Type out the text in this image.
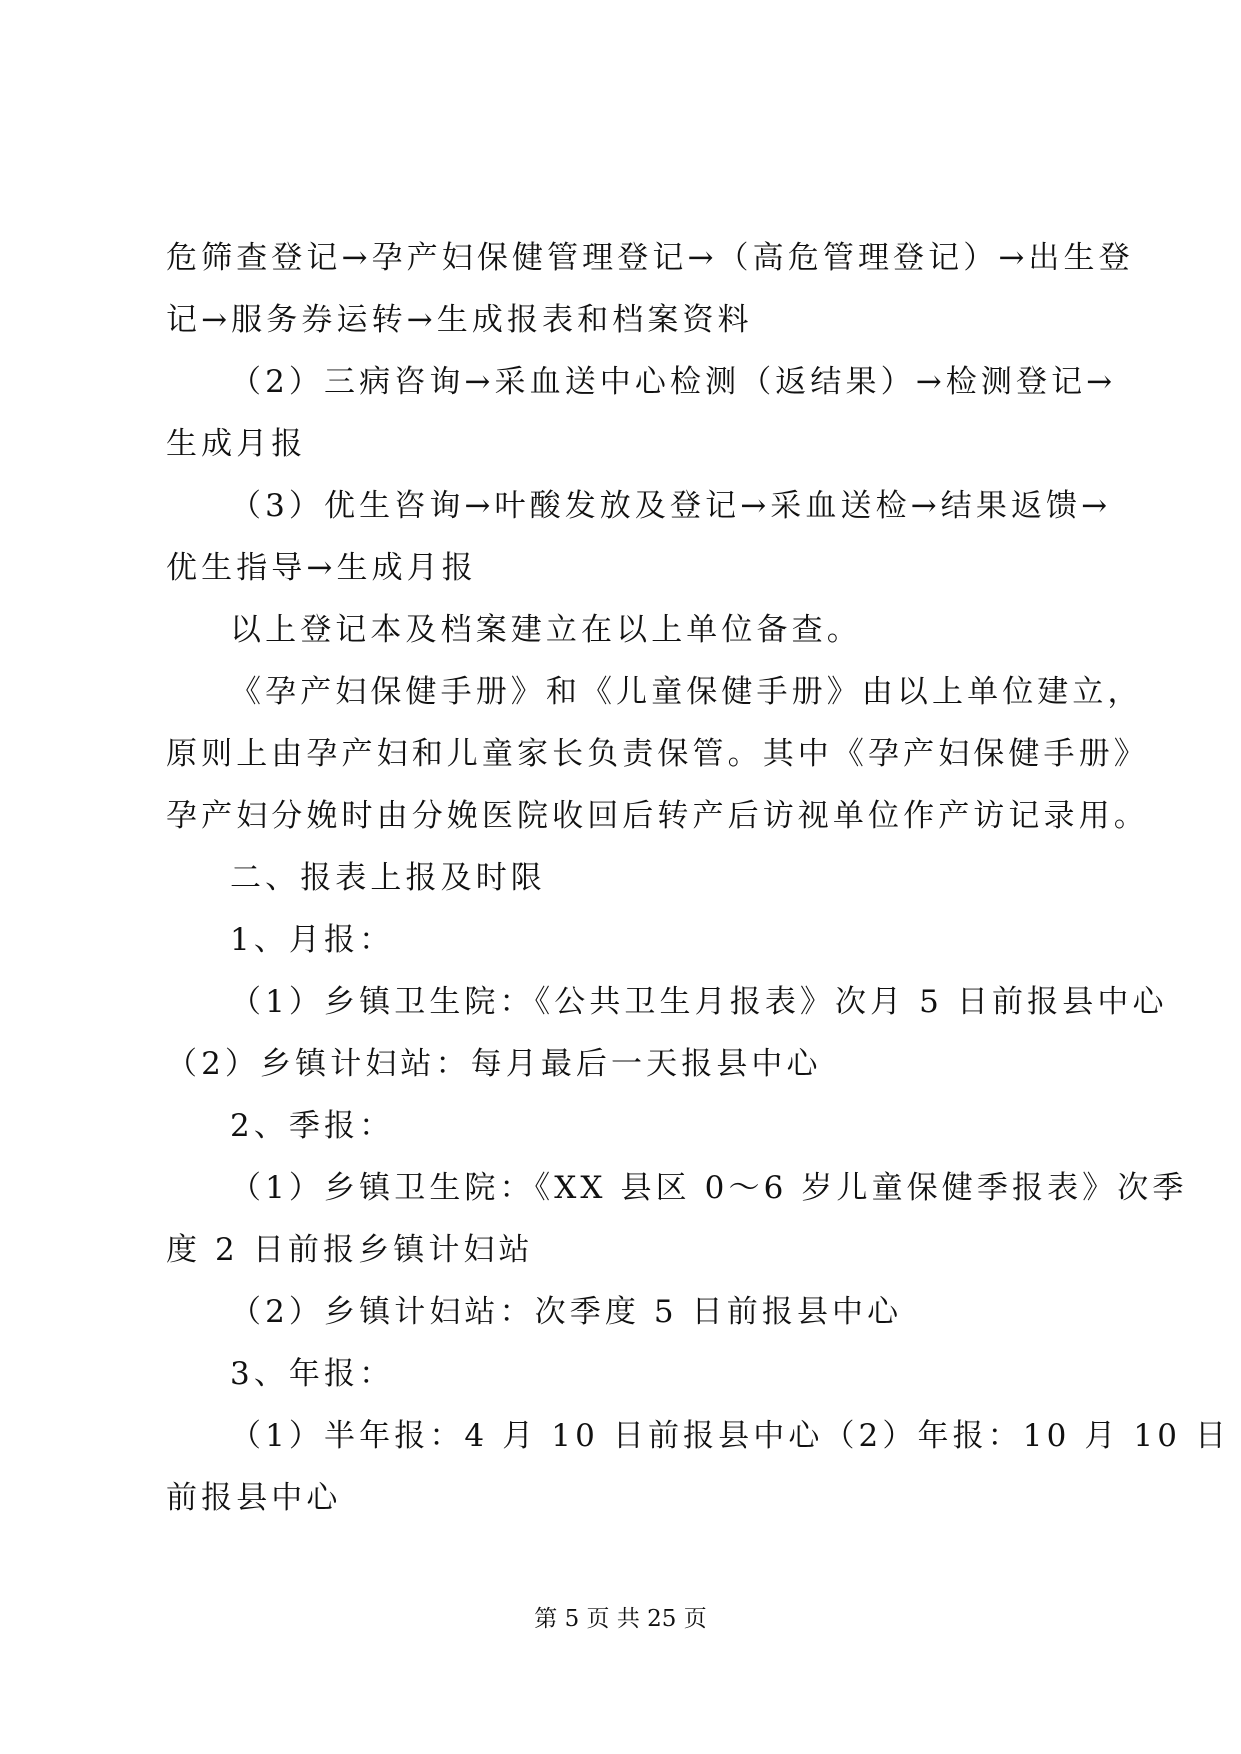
危筛查登记→孕产妇保健管理登记→（高危管理登记）→出生登
记→服务券运转→生成报表和档案资料
（2）三病咨询→采血送中心检测（返结果）→检测登记→
生成月报
（3）优生咨询→叶酸发放及登记→采血送检→结果返馈→
优生指导→生成月报
以上登记本及档案建立在以上单位备查。
《孕产妇保健手册》和《儿童保健手册》由以上单位建立，
原则上由孕产妇和儿童家长负责保管。其中《孕产妇保健手册》
孕产妇分娩时由分娩医院收回后转产后访视单位作产访记录用。
二、报表上报及时限
1、月报：
（1）乡镇卫生院：《公共卫生月报表》次月 5 日前报县中心
（2）乡镇计妇站：每月最后一天报县中心
2、季报：
（1）乡镇卫生院：《XX 县区 0～6 岁儿童保健季报表》次季
度 2 日前报乡镇计妇站
（2）乡镇计妇站：次季度 5 日前报县中心
3、年报：
（1）半年报：4 月 10 日前报县中心（2）年报：10 月 10 日
前报县中心
第 5 页 共 25 页
